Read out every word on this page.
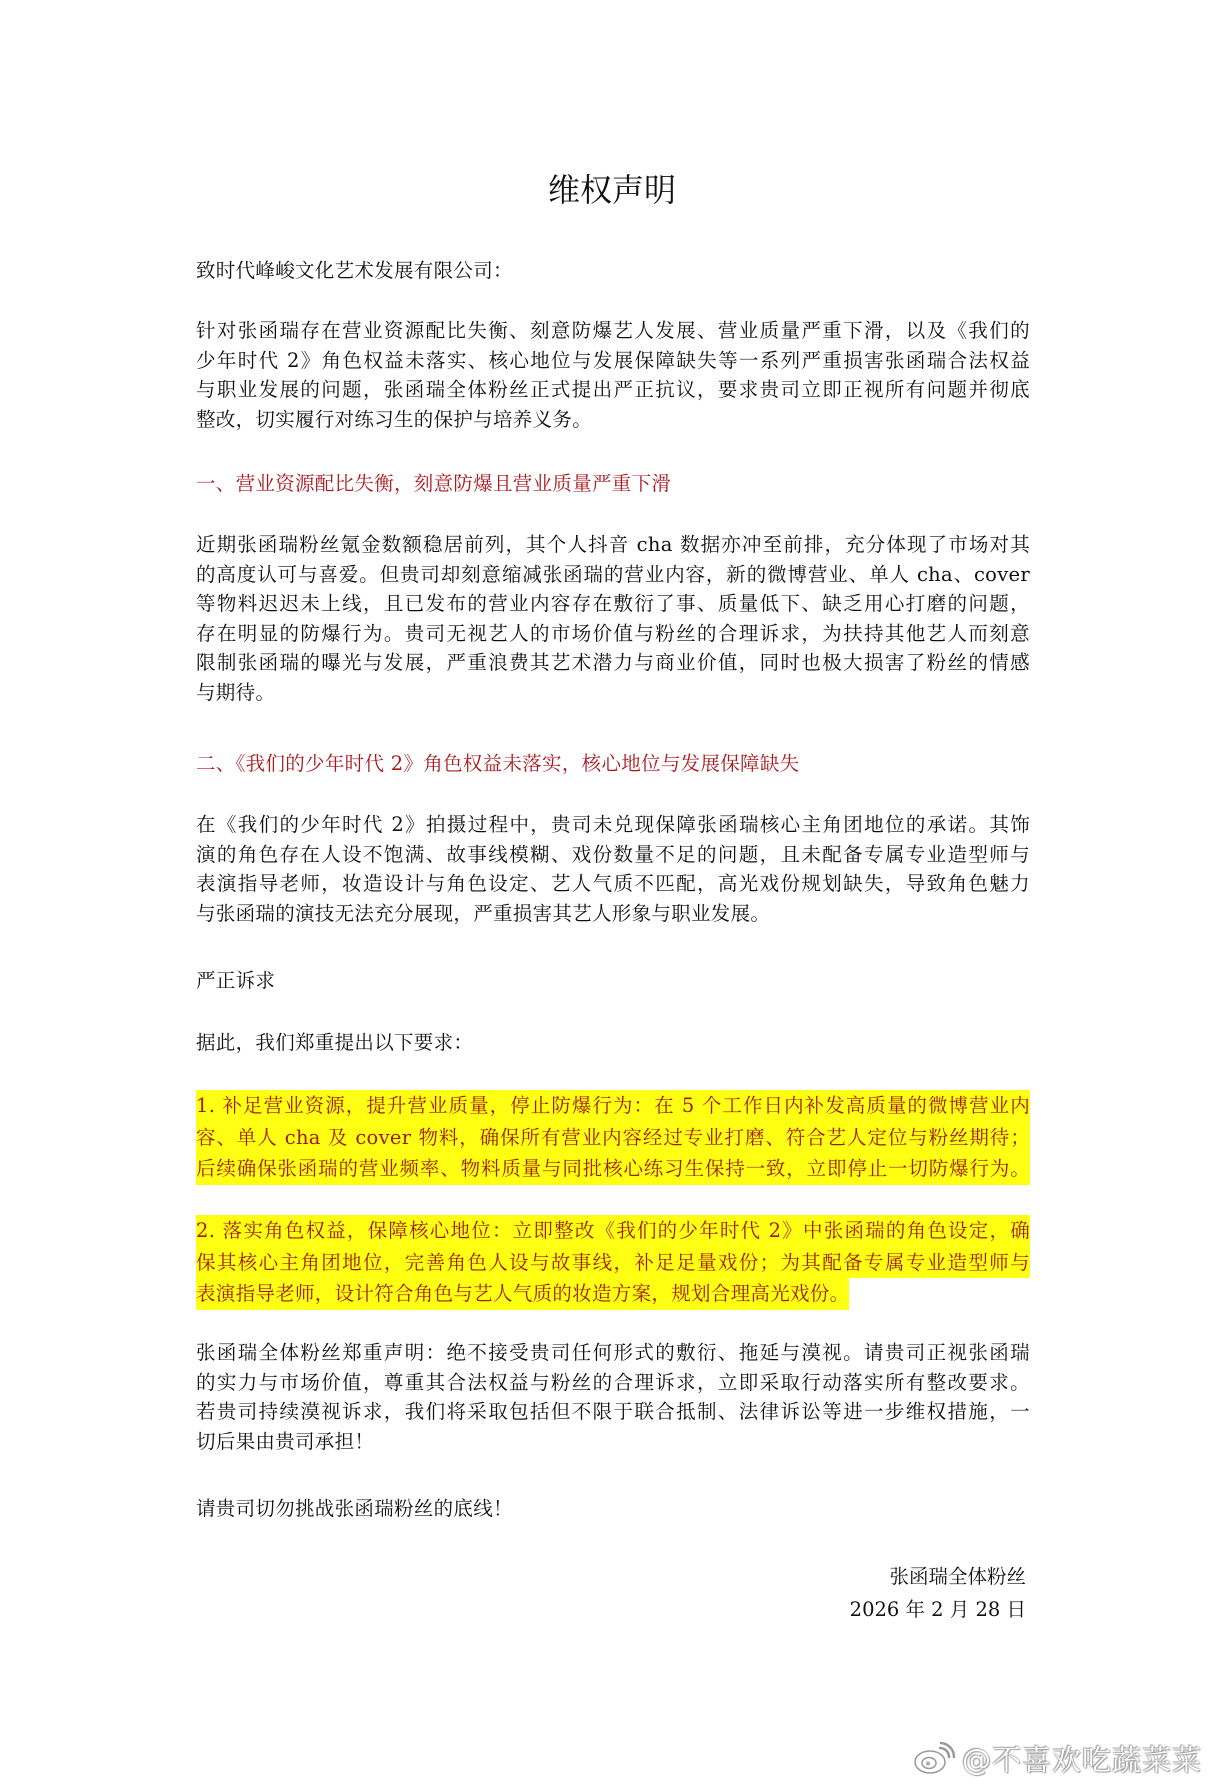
维权声明
致时代峰峻文化艺术发展有限公司：
针对张函瑞存在营业资源配比失衡、刻意防爆艺人发展、营业质量严重下滑，以及《我们的
少年时代 2》角色权益未落实、核心地位与发展保障缺失等一系列严重损害张函瑞合法权益
与职业发展的问题，张函瑞全体粉丝正式提出严正抗议，要求贵司立即正视所有问题并彻底
整改，切实履行对练习生的保护与培养义务。
一、营业资源配比失衡，刻意防爆且营业质量严重下滑
近期张函瑞粉丝氪金数额稳居前列，其个人抖音 cha 数据亦冲至前排，充分体现了市场对其
的高度认可与喜爱。但贵司却刻意缩减张函瑞的营业内容，新的微博营业、单人 cha、cover
等物料迟迟未上线，且已发布的营业内容存在敷衍了事、质量低下、缺乏用心打磨的问题，
存在明显的防爆行为。贵司无视艺人的市场价值与粉丝的合理诉求，为扶持其他艺人而刻意
限制张函瑞的曝光与发展，严重浪费其艺术潜力与商业价值，同时也极大损害了粉丝的情感
与期待。
二、《我们的少年时代 2》角色权益未落实，核心地位与发展保障缺失
在《我们的少年时代 2》拍摄过程中，贵司未兑现保障张函瑞核心主角团地位的承诺。其饰
演的角色存在人设不饱满、故事线模糊、戏份数量不足的问题，且未配备专属专业造型师与
表演指导老师，妆造设计与角色设定、艺人气质不匹配，高光戏份规划缺失，导致角色魅力
与张函瑞的演技无法充分展现，严重损害其艺人形象与职业发展。
严正诉求
据此，我们郑重提出以下要求：
1. 补足营业资源，提升营业质量，停止防爆行为：在 5 个工作日内补发高质量的微博营业内
容、单人 cha 及 cover 物料，确保所有营业内容经过专业打磨、符合艺人定位与粉丝期待；
后续确保张函瑞的营业频率、物料质量与同批核心练习生保持一致，立即停止一切防爆行为。
2. 落实角色权益，保障核心地位：立即整改《我们的少年时代 2》中张函瑞的角色设定，确
保其核心主角团地位，完善角色人设与故事线，补足足量戏份；为其配备专属专业造型师与
表演指导老师，设计符合角色与艺人气质的妆造方案，规划合理高光戏份。
张函瑞全体粉丝郑重声明：绝不接受贵司任何形式的敷衍、拖延与漠视。请贵司正视张函瑞
的实力与市场价值，尊重其合法权益与粉丝的合理诉求，立即采取行动落实所有整改要求。
若贵司持续漠视诉求，我们将采取包括但不限于联合抵制、法律诉讼等进一步维权措施，一
切后果由贵司承担！
请贵司切勿挑战张函瑞粉丝的底线！
张函瑞全体粉丝
2026 年 2 月 28 日
@不喜欢吃蔬菜菜
